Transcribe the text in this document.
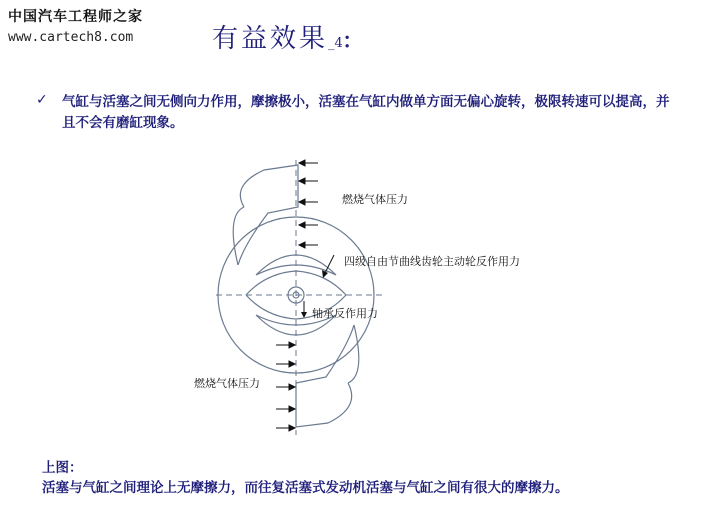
中国汽车工程师之家
www.cartech8.com	有益效果_4:
✓	气缸与活塞之间无侧向力作用，摩擦极小，活塞在气缸内做单方面无偏心旋转，极限转速可以提高，并且不会有磨缸现象。
燃烧气体压力
四级自由节曲线齿轮主动轮反作用力
轴承反作用力
燃烧气体压力
上图：
活塞与气缸之间理论上无摩擦力，而往复活塞式发动机活塞与气缸之间有很大的摩擦力。
